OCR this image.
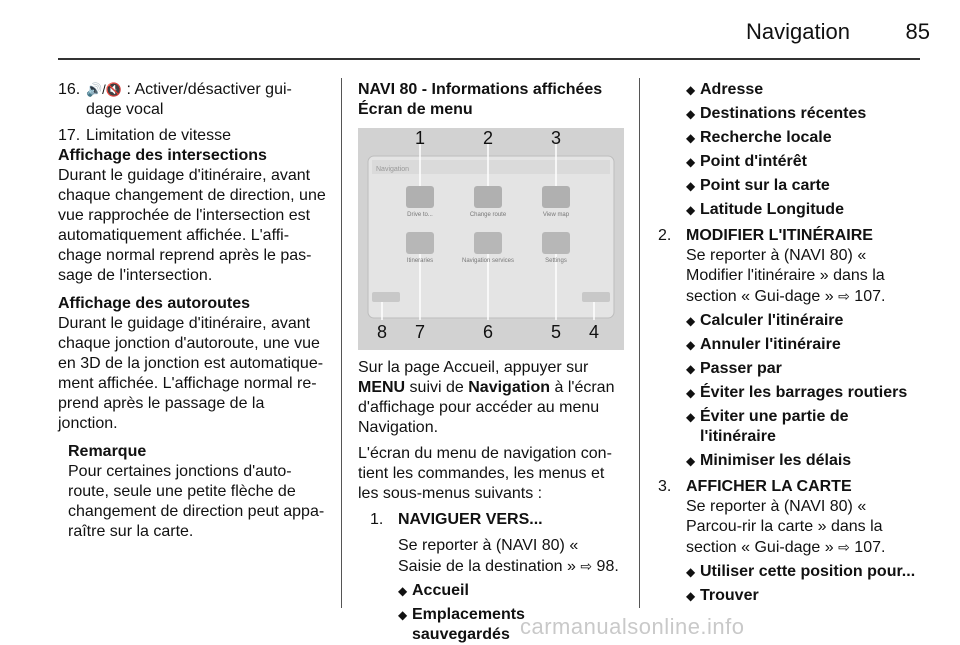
Navigation	85
16. 🔊/🔇 : Activer/désactiver gui-
dage vocal
17. Limitation de vitesse

Affichage des intersections

Durant le guidage d'itinéraire, avant chaque changement de direction, une vue rapprochée de l'intersection est automatiquement affichée. L'affi-chage normal reprend après le pas-sage de l'intersection.

Affichage des autoroutes

Durant le guidage d'itinéraire, avant chaque jonction d'autoroute, une vue en 3D de la jonction est automatique-ment affichée. L'affichage normal re-prend après le passage de la jonction.

Remarque

Pour certaines jonctions d'auto-route, seule une petite flèche de changement de direction peut appa-raître sur la carte.

NAVI 80 - Informations affichées

Écran de menu

Navigation
Drive to...	Change route	View map
Itineraries	Navigation services	Settings
1	2	3
8 7	6	5 4

Sur la page Accueil, appuyer sur MENU suivi de Navigation à l'écran d'affichage pour accéder au menu Navigation.

L'écran du menu de navigation con-tient les commandes, les menus et les sous-menus suivants :

1. NAVIGUER VERS...

Se reporter à (NAVI 80) « Saisie de la destination » ⇨ 98.

◆ Accueil
◆ Emplacements sauvegardés
◆ Adresse
◆ Destinations récentes
◆ Recherche locale
◆ Point d'intérêt
◆ Point sur la carte
◆ Latitude Longitude
2. MODIFIER L'ITINÉRAIRE

Se reporter à (NAVI 80) « Modifier l'itinéraire » dans la section « Gui-dage » ⇨ 107.

◆ Calculer l'itinéraire
◆ Annuler l'itinéraire
◆ Passer par
◆ Éviter les barrages routiers
◆ Éviter une partie de l'itinéraire
◆ Minimiser les délais
3. AFFICHER LA CARTE

Se reporter à (NAVI 80) « Parcou-rir la carte » dans la section « Gui-dage » ⇨ 107.

◆ Utiliser cette position pour...
◆ Trouver
carmanualsonline.info
